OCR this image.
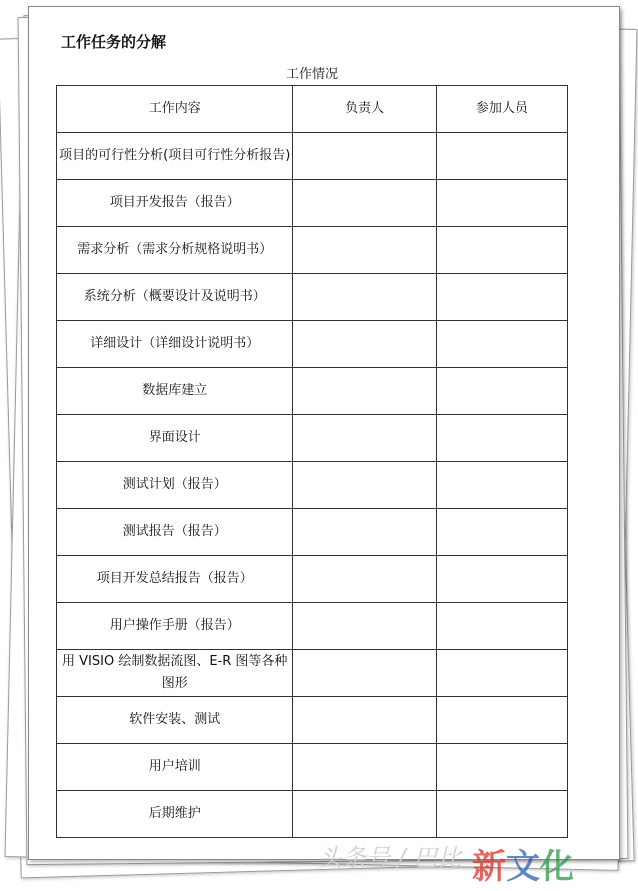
工作任务的分解
工作情况
工作内容	负责人	参加人员
项目的可行性分析(项目可行性分析报告)		
项目开发报告（报告）		
需求分析（需求分析规格说明书）		
系统分析（概要设计及说明书）		
详细设计（详细设计说明书）		
数据库建立		
界面设计		
测试计划（报告）		
测试报告（报告）		
项目开发总结报告（报告）		
用户操作手册（报告）		
用 VISIO 绘制数据流图、E-R 图等各种图形		
软件安装、测试		
用户培训		
后期维护		
头条号 / 巴比 新文化
